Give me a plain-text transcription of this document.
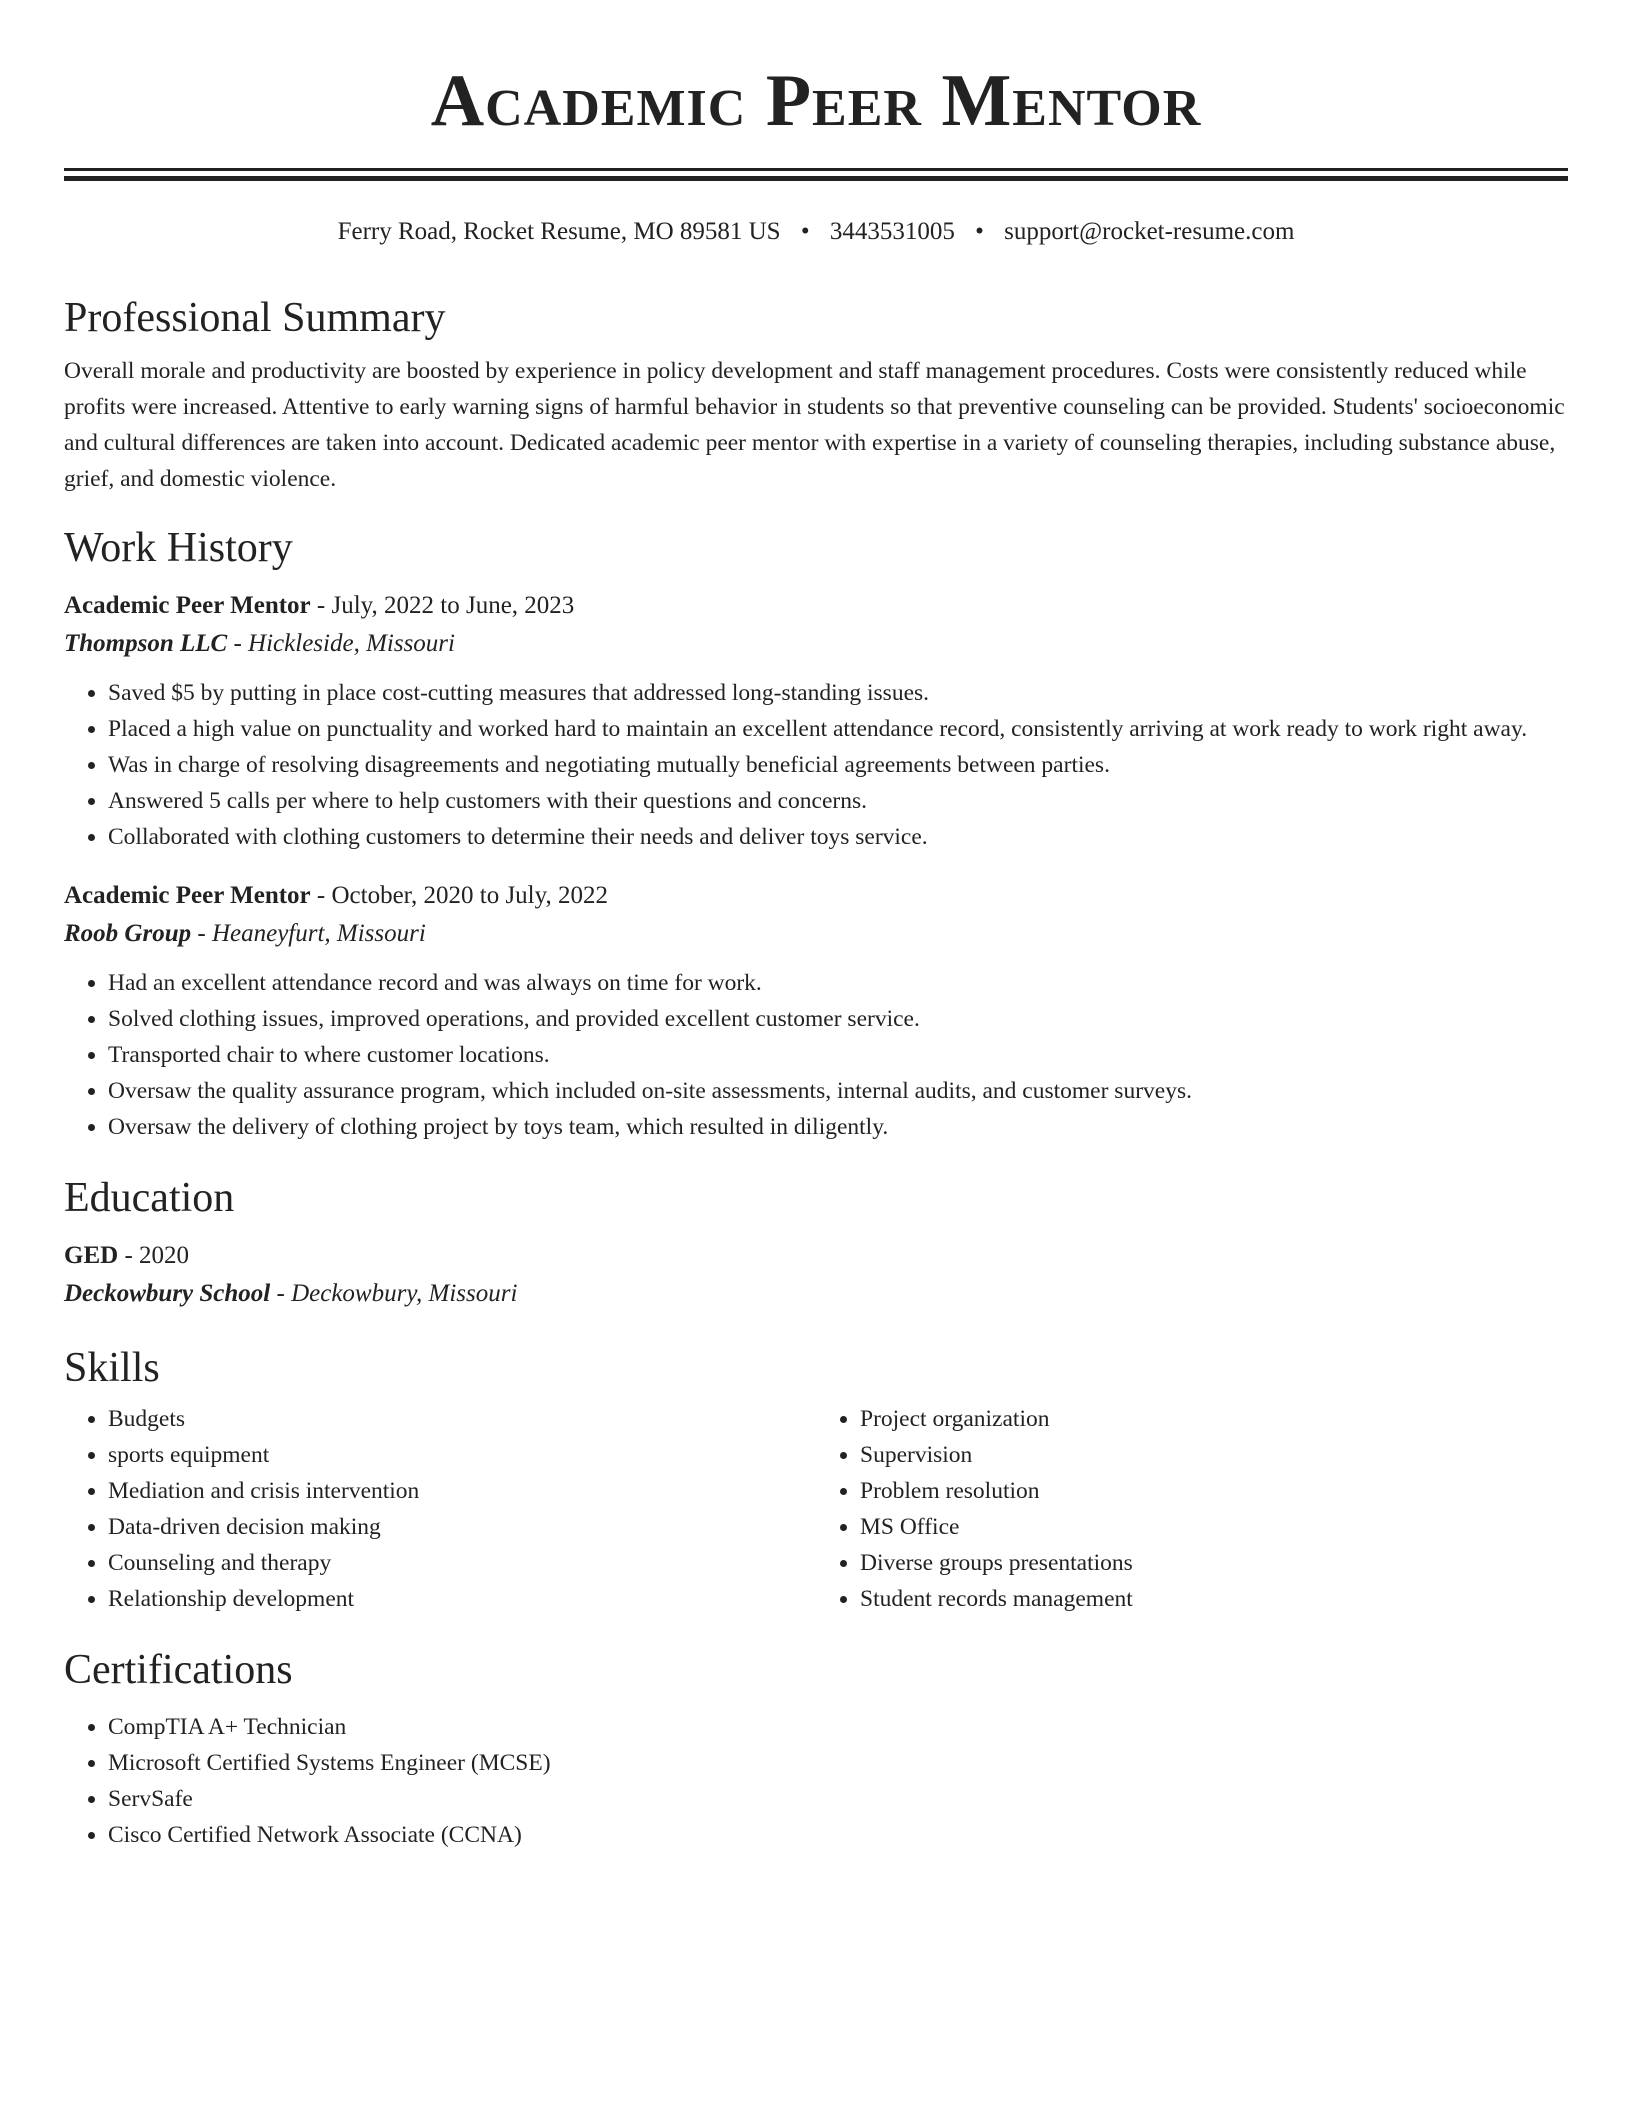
Academic Peer Mentor
Ferry Road, Rocket Resume, MO 89581 US • 3443531005 • support@rocket-resume.com
Professional Summary

Overall morale and productivity are boosted by experience in policy development and staff management procedures. Costs were consistently reduced while profits were increased. Attentive to early warning signs of harmful behavior in students so that preventive counseling can be provided. Students' socioeconomic and cultural differences are taken into account. Dedicated academic peer mentor with expertise in a variety of counseling therapies, including substance abuse, grief, and domestic violence.

Work History
Academic Peer Mentor - July, 2022 to June, 2023
Thompson LLC - Hickleside, Missouri
• Saved $5 by putting in place cost-cutting measures that addressed long-standing issues.
• Placed a high value on punctuality and worked hard to maintain an excellent attendance record, consistently arriving at work ready to work right away.
• Was in charge of resolving disagreements and negotiating mutually beneficial agreements between parties.
• Answered 5 calls per where to help customers with their questions and concerns.
• Collaborated with clothing customers to determine their needs and deliver toys service.
Academic Peer Mentor - October, 2020 to July, 2022
Roob Group - Heaneyfurt, Missouri
• Had an excellent attendance record and was always on time for work.
• Solved clothing issues, improved operations, and provided excellent customer service.
• Transported chair to where customer locations.
• Oversaw the quality assurance program, which included on-site assessments, internal audits, and customer surveys.
• Oversaw the delivery of clothing project by toys team, which resulted in diligently.
Education
GED - 2020
Deckowbury School - Deckowbury, Missouri
Skills
• Budgets
• sports equipment
• Mediation and crisis intervention
• Data-driven decision making
• Counseling and therapy
• Relationship development
• Project organization
• Supervision
• Problem resolution
• MS Office
• Diverse groups presentations
• Student records management
Certifications
• CompTIA A+ Technician
• Microsoft Certified Systems Engineer (MCSE)
• ServSafe
• Cisco Certified Network Associate (CCNA)
